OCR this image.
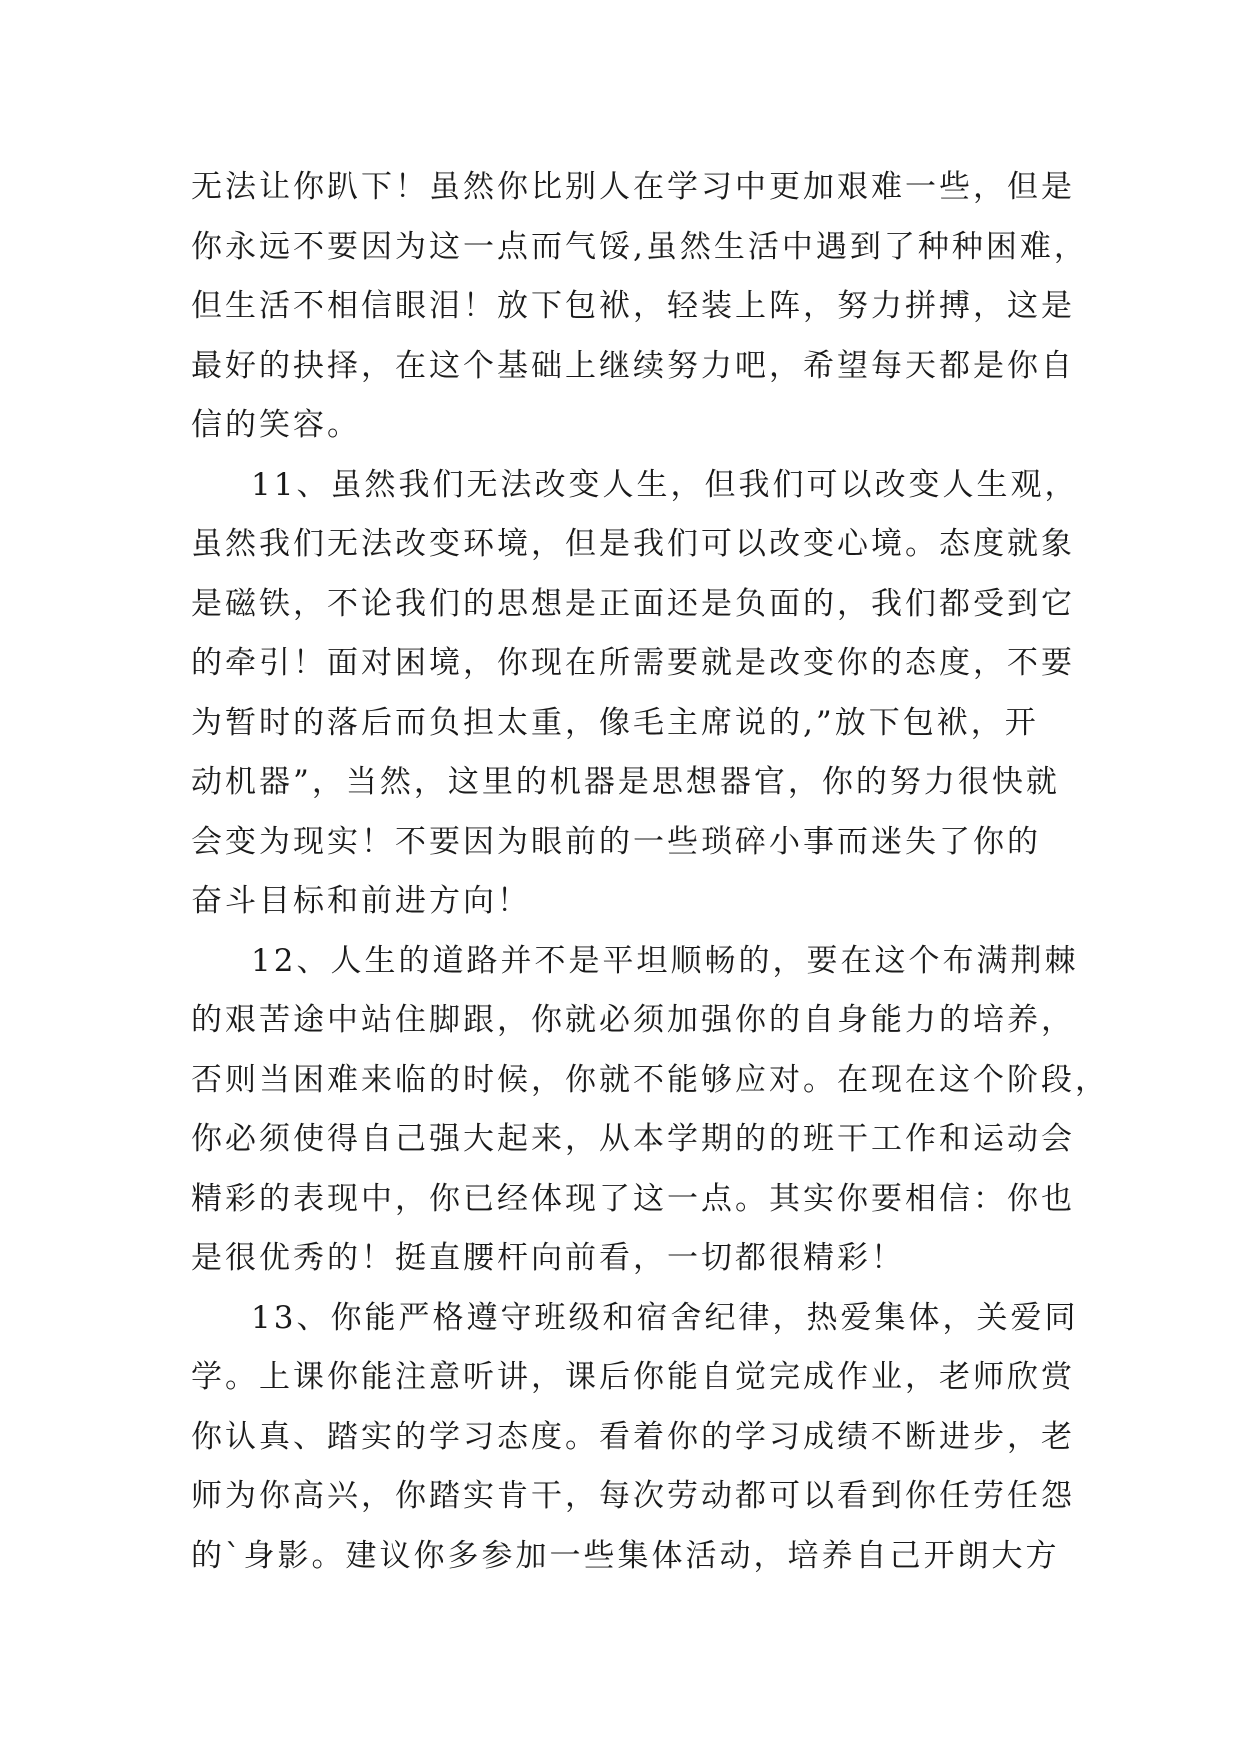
无法让你趴下！虽然你比别人在学习中更加艰难一些，但是
你永远不要因为这一点而气馁,虽然生活中遇到了种种困难，
但生活不相信眼泪！放下包袱，轻装上阵，努力拼搏，这是
最好的抉择，在这个基础上继续努力吧，希望每天都是你自
信的笑容。
11、虽然我们无法改变人生，但我们可以改变人生观，
虽然我们无法改变环境，但是我们可以改变心境。态度就象
是磁铁，不论我们的思想是正面还是负面的，我们都受到它
的牵引！面对困境，你现在所需要就是改变你的态度，不要
为暂时的落后而负担太重，像毛主席说的,”放下包袱，开
动机器”，当然，这里的机器是思想器官，你的努力很快就
会变为现实！不要因为眼前的一些琐碎小事而迷失了你的
奋斗目标和前进方向！
12、人生的道路并不是平坦顺畅的，要在这个布满荆棘
的艰苦途中站住脚跟，你就必须加强你的自身能力的培养，
否则当困难来临的时候，你就不能够应对。在现在这个阶段，
你必须使得自己强大起来，从本学期的的班干工作和运动会
精彩的表现中，你已经体现了这一点。其实你要相信：你也
是很优秀的！挺直腰杆向前看，一切都很精彩！
13、你能严格遵守班级和宿舍纪律，热爱集体，关爱同
学。上课你能注意听讲，课后你能自觉完成作业，老师欣赏
你认真、踏实的学习态度。看着你的学习成绩不断进步，老
师为你高兴，你踏实肯干，每次劳动都可以看到你任劳任怨
的`身影。建议你多参加一些集体活动，培养自己开朗大方
